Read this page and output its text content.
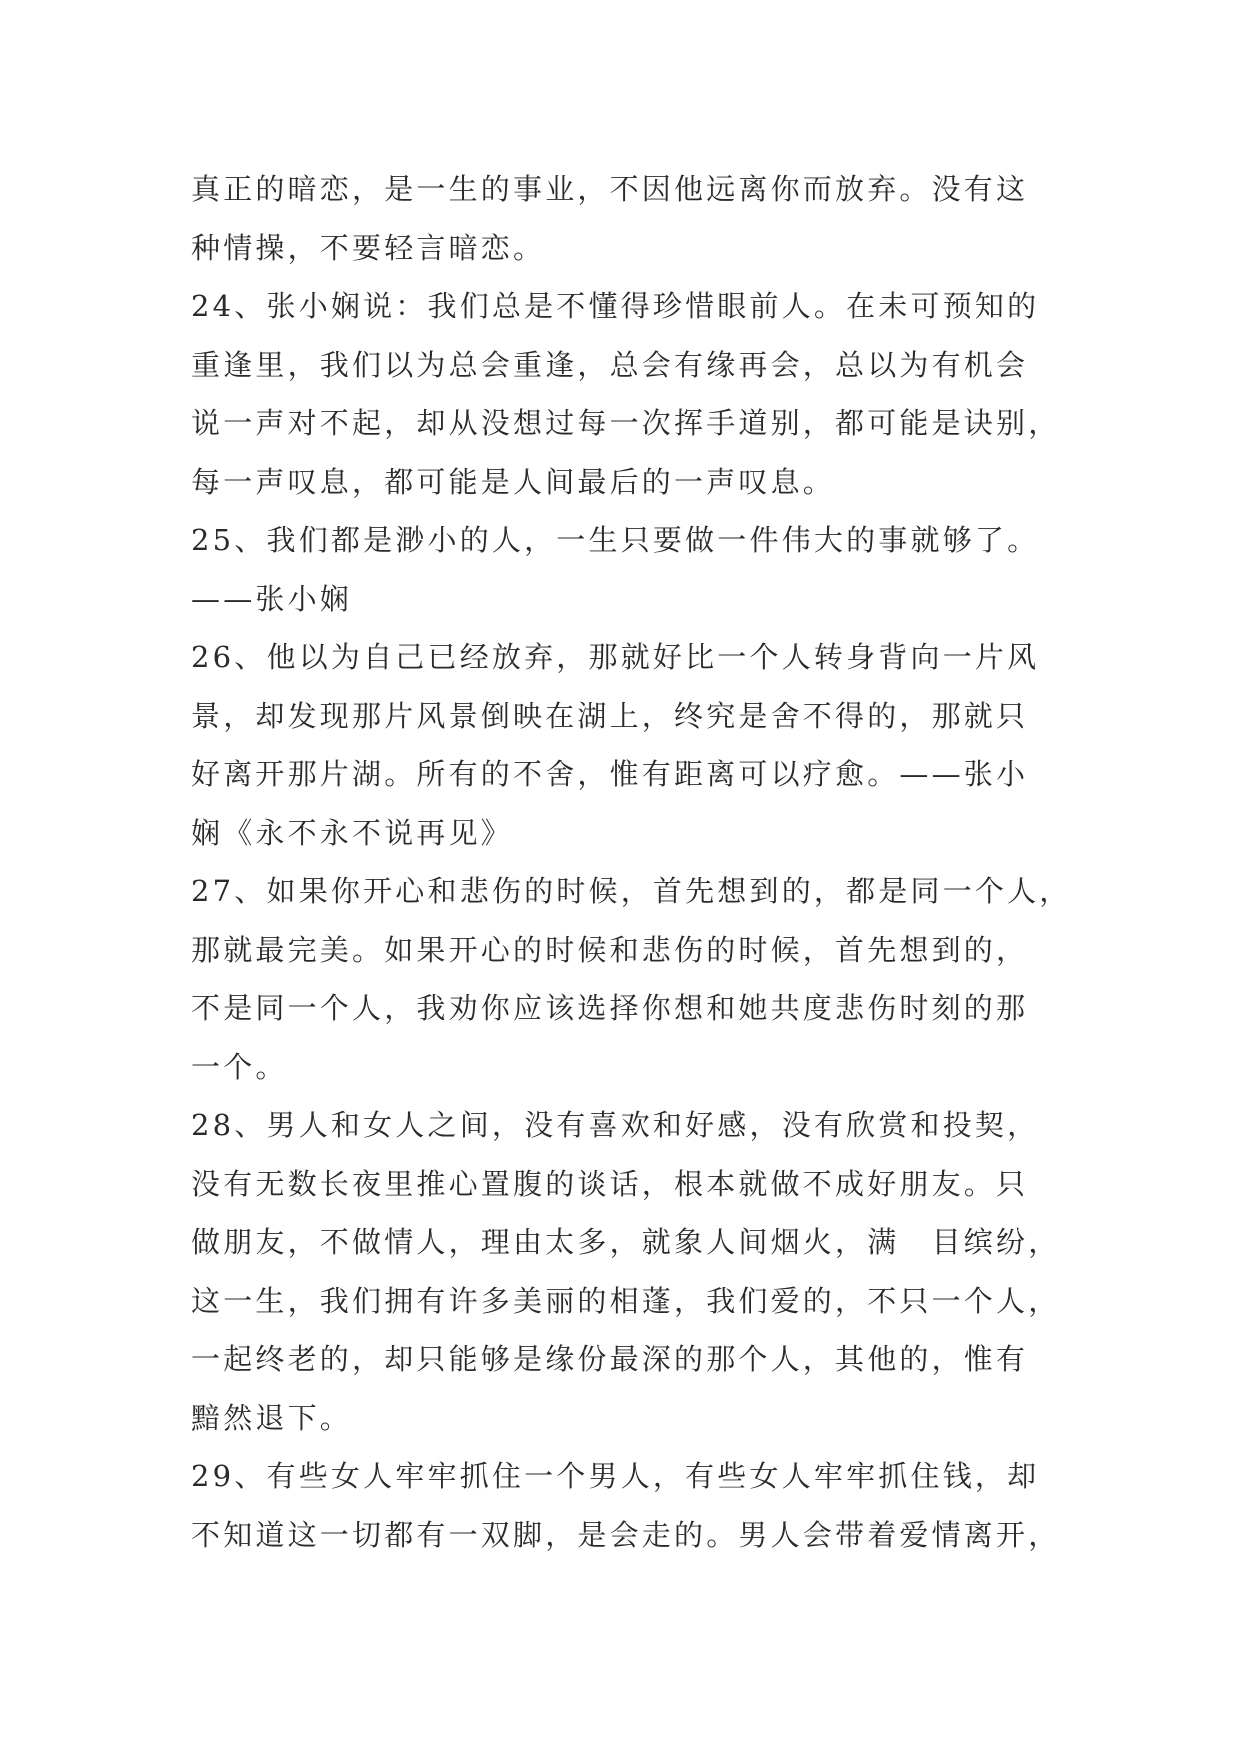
真正的暗恋，是一生的事业，不因他远离你而放弃。没有这
种情操，不要轻言暗恋。
24、张小娴说：我们总是不懂得珍惜眼前人。在未可预知的
重逢里，我们以为总会重逢，总会有缘再会，总以为有机会
说一声对不起，却从没想过每一次挥手道别，都可能是诀别，
每一声叹息，都可能是人间最后的一声叹息。
25、我们都是渺小的人，一生只要做一件伟大的事就够了。
——张小娴
26、他以为自己已经放弃，那就好比一个人转身背向一片风
景，却发现那片风景倒映在湖上，终究是舍不得的，那就只
好离开那片湖。所有的不舍，惟有距离可以疗愈。——张小
娴《永不永不说再见》
27、如果你开心和悲伤的时候，首先想到的，都是同一个人，
那就最完美。如果开心的时候和悲伤的时候，首先想到的，
不是同一个人，我劝你应该选择你想和她共度悲伤时刻的那
一个。
28、男人和女人之间，没有喜欢和好感，没有欣赏和投契，
没有无数长夜里推心置腹的谈话，根本就做不成好朋友。只
做朋友，不做情人，理由太多，就象人间烟火，满　目缤纷，
这一生，我们拥有许多美丽的相蓬，我们爱的，不只一个人，
一起终老的，却只能够是缘份最深的那个人，其他的，惟有
黯然退下。
29、有些女人牢牢抓住一个男人，有些女人牢牢抓住钱，却
不知道这一切都有一双脚，是会走的。男人会带着爱情离开，
